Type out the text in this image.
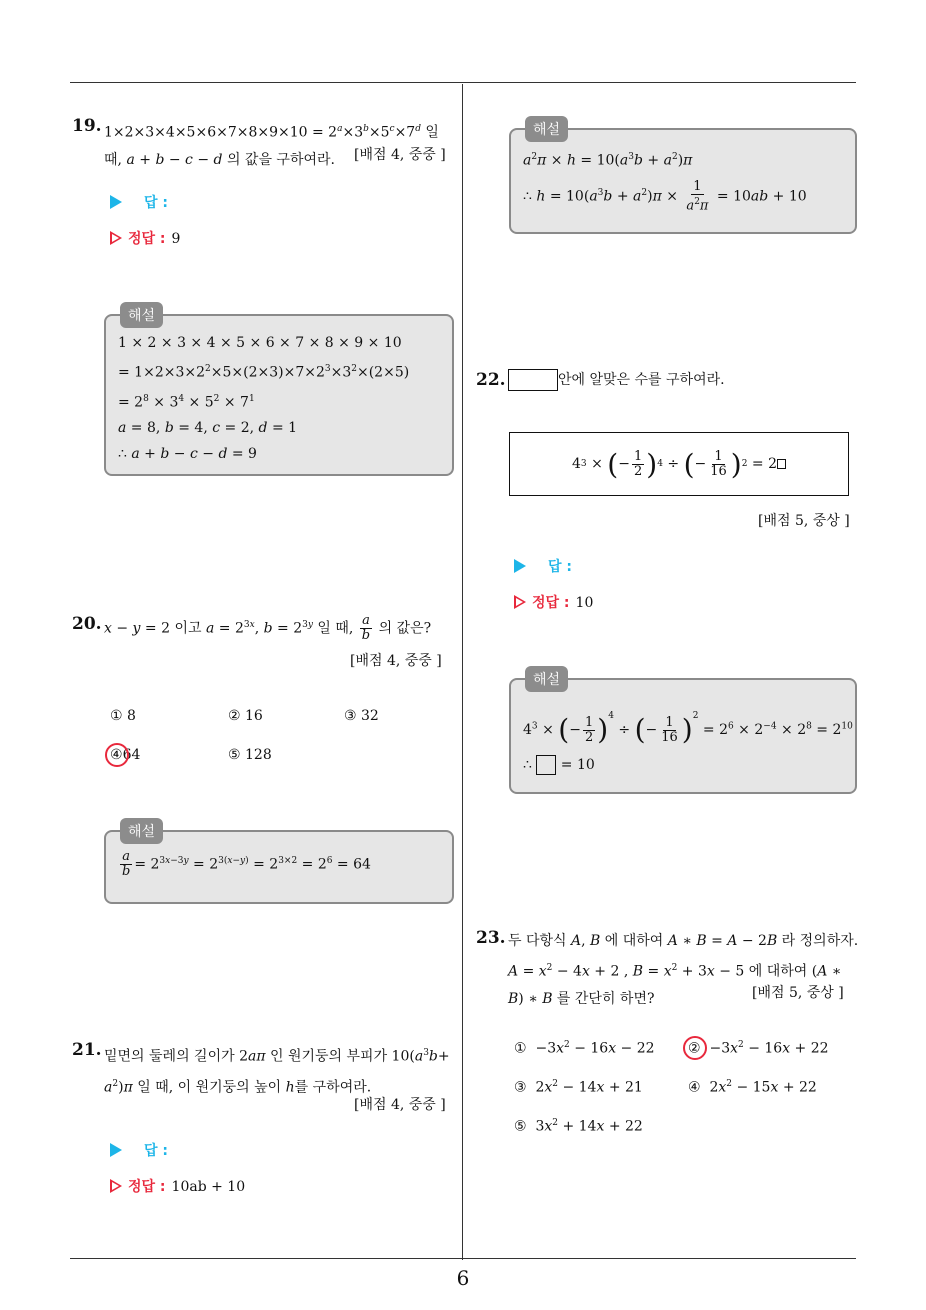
19. $1\times 2\times 3\times 4\times 5\times 6\times 7\times 8\times 9\times 10 = 2^a\times 3^b\times 5^c\times 7^d$ 일 때, a + b − c − d 의 값을 구하여라.	[배점 4, 중중 ]
답 :
정답 : 9
해설
1 × 2 × 3 × 4 × 5 × 6 × 7 × 8 × 9 × 10
= $1\times 2\times 3\times 2^2\times 5\times(2\times 3)\times 7\times 2^3\times 3^2\times(2\times 5)$
= $2^8 \times 3^4 \times 5^2 \times 7^1$
a = 8, b = 4, c = 2, d = 1
∴ a + b − c − d = 9
20. x − y = 2 이고 $a = 2^{3x}$, $b = 2^{3y}$ 일 때, $\frac{a}{b}$ 의 값은?
[배점 4, 중중 ]
① 8	② 16	③ 32
④64	⑤ 128
해설
$\frac{a}{b} = 2^{3x-3y} = 2^{3(x-y)} = 2^{3\times 2} = 2^6 = 64$
21. 밑면의 둘레의 길이가 2aπ 인 원기둥의 부피가 $10(a^3b+ a^2)\pi$ 일 때, 이 원기둥의 높이 h를 구하여라.
[배점 4, 중중 ]
답 :
정답 : 10ab + 10
해설
$a^2\pi \times h = 10(a^3b + a^2)\pi$
∴ $h = 10(a^3b + a^2)\pi \times \frac{1}{a^2\pi} = 10ab + 10$
22.	안에 알맞은 수를 구하여라.
4 3 × ( − $\frac{1}{2}$ ) 4 ÷ ( − $\frac{1}{16}$ ) 2 = 2
[배점 5, 중상 ]
답 :
정답 : 10
해설
$4^3$ × (− $\frac{1}{2} )^4$ ÷ (− $\frac{1}{16} )^2 = 2^6 \times 2^{-4} \times 2^8 = 2^{10}$
∴  = 10
23. 두 다항식 A, B 에 대하여 A ∗ B = A − 2B 라 정의하자. $A = x^2 - 4x + 2$ , $B = x^2 + 3x - 5$ 에 대하여 (A ∗ B) ∗ B 를 간단히 하면?	[배점 5, 중상 ]
①  $-3x^2 - 16x - 22$ ②  $-3x^2 - 16x + 22$
③  $2x^2 - 14x + 21$	④  $2x^2 - 15x + 22$
⑤  $3x^2 + 14x + 22$
6
